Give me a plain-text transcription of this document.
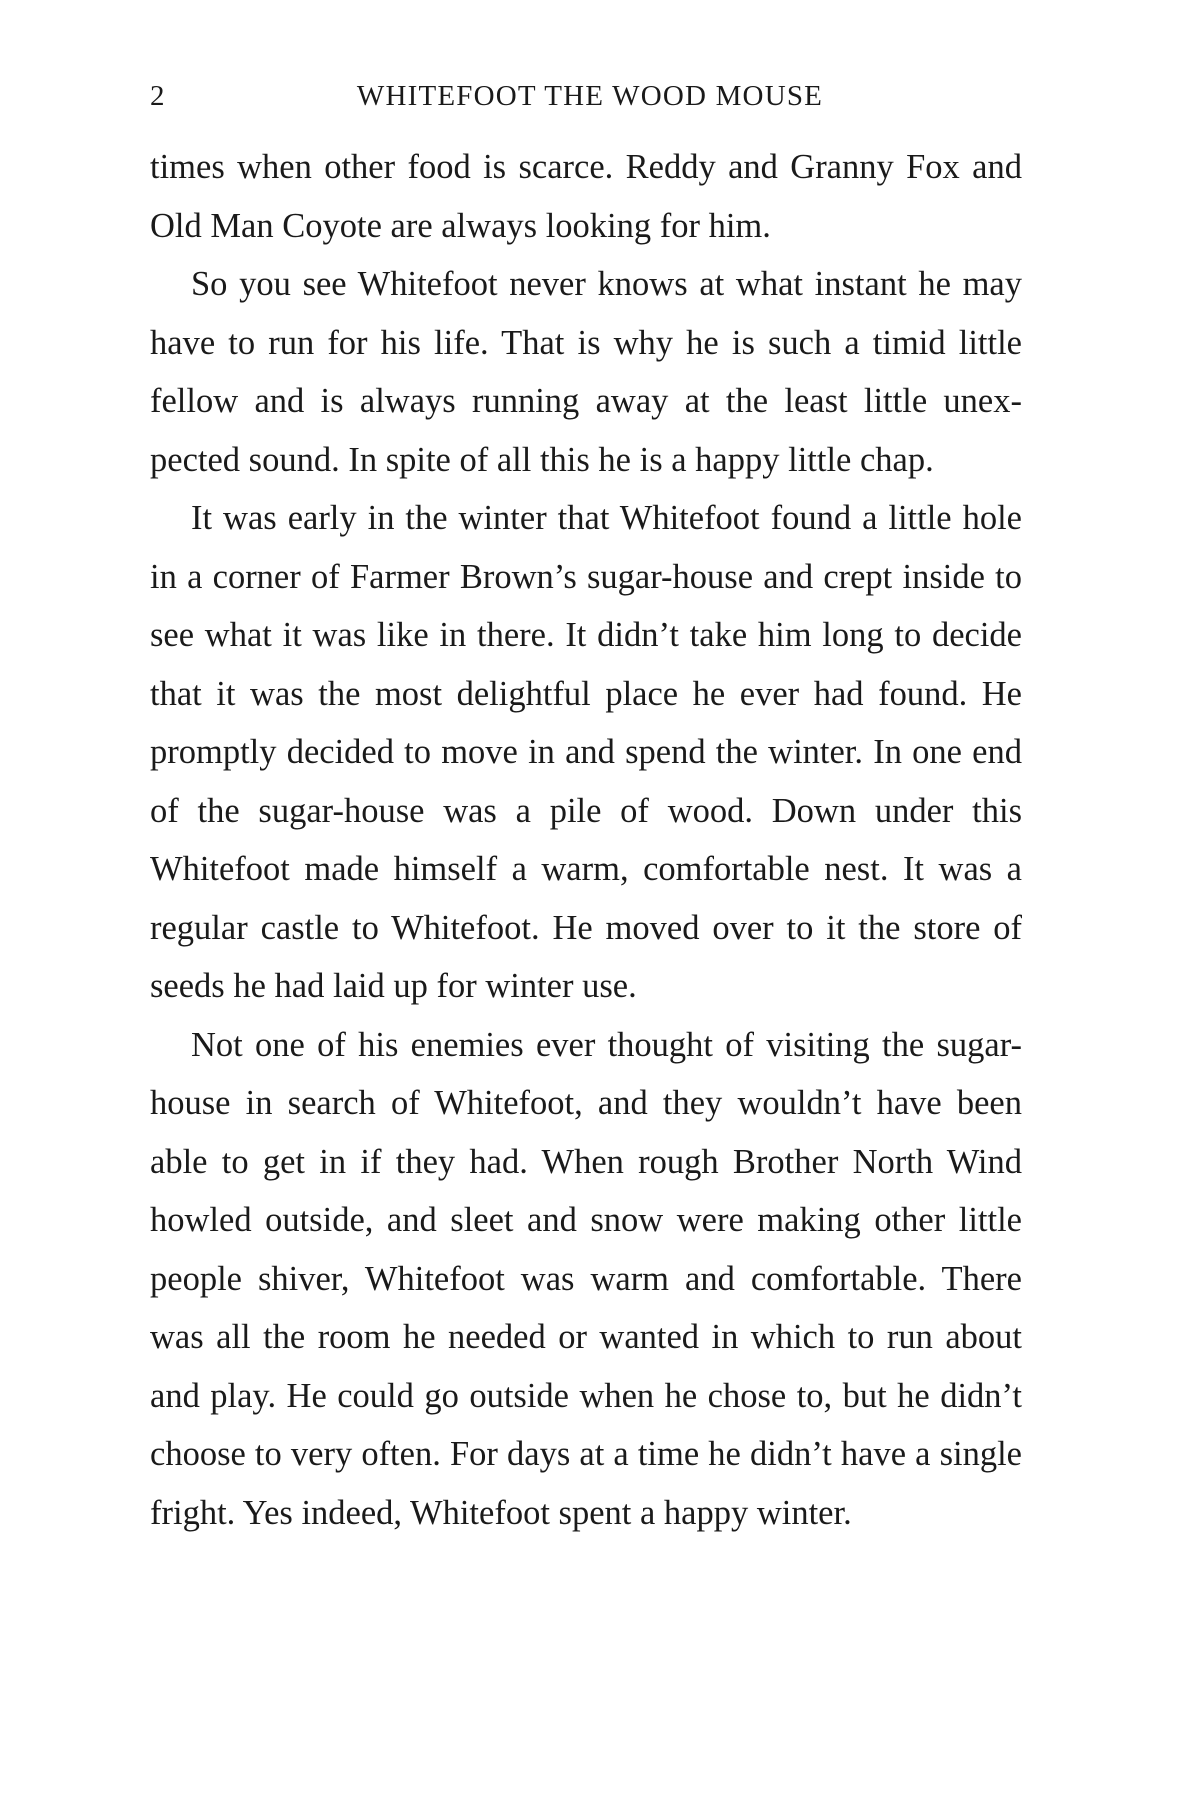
2	WHITEFOOT THE WOOD MOUSE

times when other food is scarce. Reddy and Granny Fox and Old Man Coyote are always looking for him.

So you see Whitefoot never knows at what instant he may have to run for his life. That is why he is such a timid little fellow and is always running away at the least little unexpected sound. In spite of all this he is a happy little chap.

It was early in the winter that Whitefoot found a little hole in a corner of Farmer Brown’s sugar-house and crept inside to see what it was like in there. It didn’t take him long to decide that it was the most delightful place he ever had found. He promptly decided to move in and spend the winter. In one end of the sugar-house was a pile of wood. Down under this Whitefoot made himself a warm, comfortable nest. It was a regular castle to Whitefoot. He moved over to it the store of seeds he had laid up for winter use.

Not one of his enemies ever thought of visiting the sugar-house in search of Whitefoot, and they wouldn’t have been able to get in if they had. When rough Brother North Wind howled outside, and sleet and snow were making other little people shiver, Whitefoot was warm and comfortable. There was all the room he needed or wanted in which to run about and play. He could go outside when he chose to, but he didn’t choose to very often. For days at a time he didn’t have a single fright. Yes indeed, Whitefoot spent a happy winter.
